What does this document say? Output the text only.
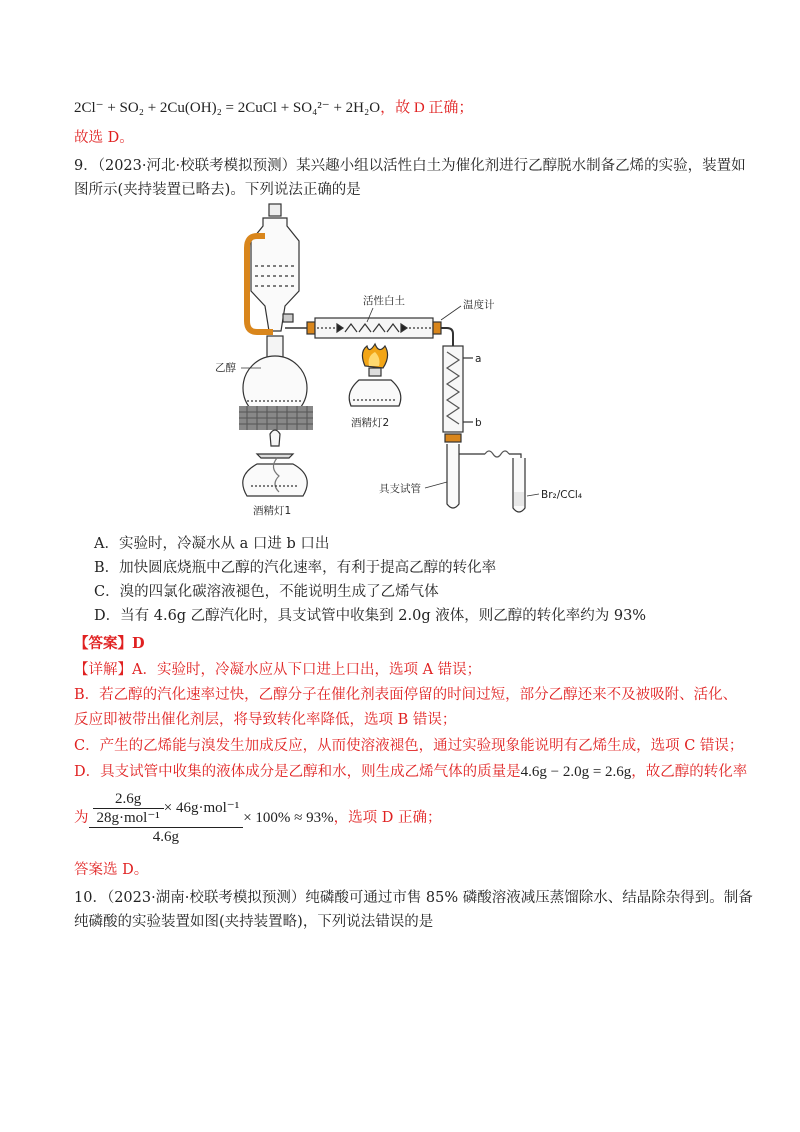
2Cl⁻ + SO₂ + 2Cu(OH)₂ = 2CuCl + SO₄²⁻ + 2H₂O，故 D 正确；
故选 D。
9．（2023·河北·校联考模拟预测）某兴趣小组以活性白土为催化剂进行乙醇脱水制备乙烯的实验，装置如
图所示(夹持装置已略去)。下列说法正确的是
乙醇
酒精灯1
活性白土	温度计
酒精灯2
a
b
具支试管	Br₂/CCl₄
A．实验时，冷凝水从 a 口进 b 口出
B．加快圆底烧瓶中乙醇的汽化速率，有利于提高乙醇的转化率
C．溴的四氯化碳溶液褪色，不能说明生成了乙烯气体
D．当有 4.6g 乙醇汽化时，具支试管中收集到 2.0g 液体，则乙醇的转化率约为 93%
【答案】D
【详解】A．实验时，冷凝水应从下口进上口出，选项 A 错误；
B．若乙醇的汽化速率过快，乙醇分子在催化剂表面停留的时间过短，部分乙醇还来不及被吸附、活化、
反应即被带出催化剂层，将导致转化率降低，选项 B 错误；
C．产生的乙烯能与溴发生加成反应，从而使溶液褪色，通过实验现象能说明有乙烯生成，选项 C 错误；
D．具支试管中收集的液体成分是乙醇和水，则生成乙烯气体的质量是4.6g − 2.0g = 2.6g，故乙醇的转化率
为 $\frac{\frac{2.6g}{\text{28g·mol⁻¹}} \times 46g\cdot mol^{-1}}{4.6g} \times 100\% \approx 93\%$，选项 D 正确；
答案选 D。
10．（2023·湖南·校联考模拟预测）纯磷酸可通过市售 85% 磷酸溶液减压蒸馏除水、结晶除杂得到。制备
纯磷酸的实验装置如图(夹持装置略)，下列说法错误的是
